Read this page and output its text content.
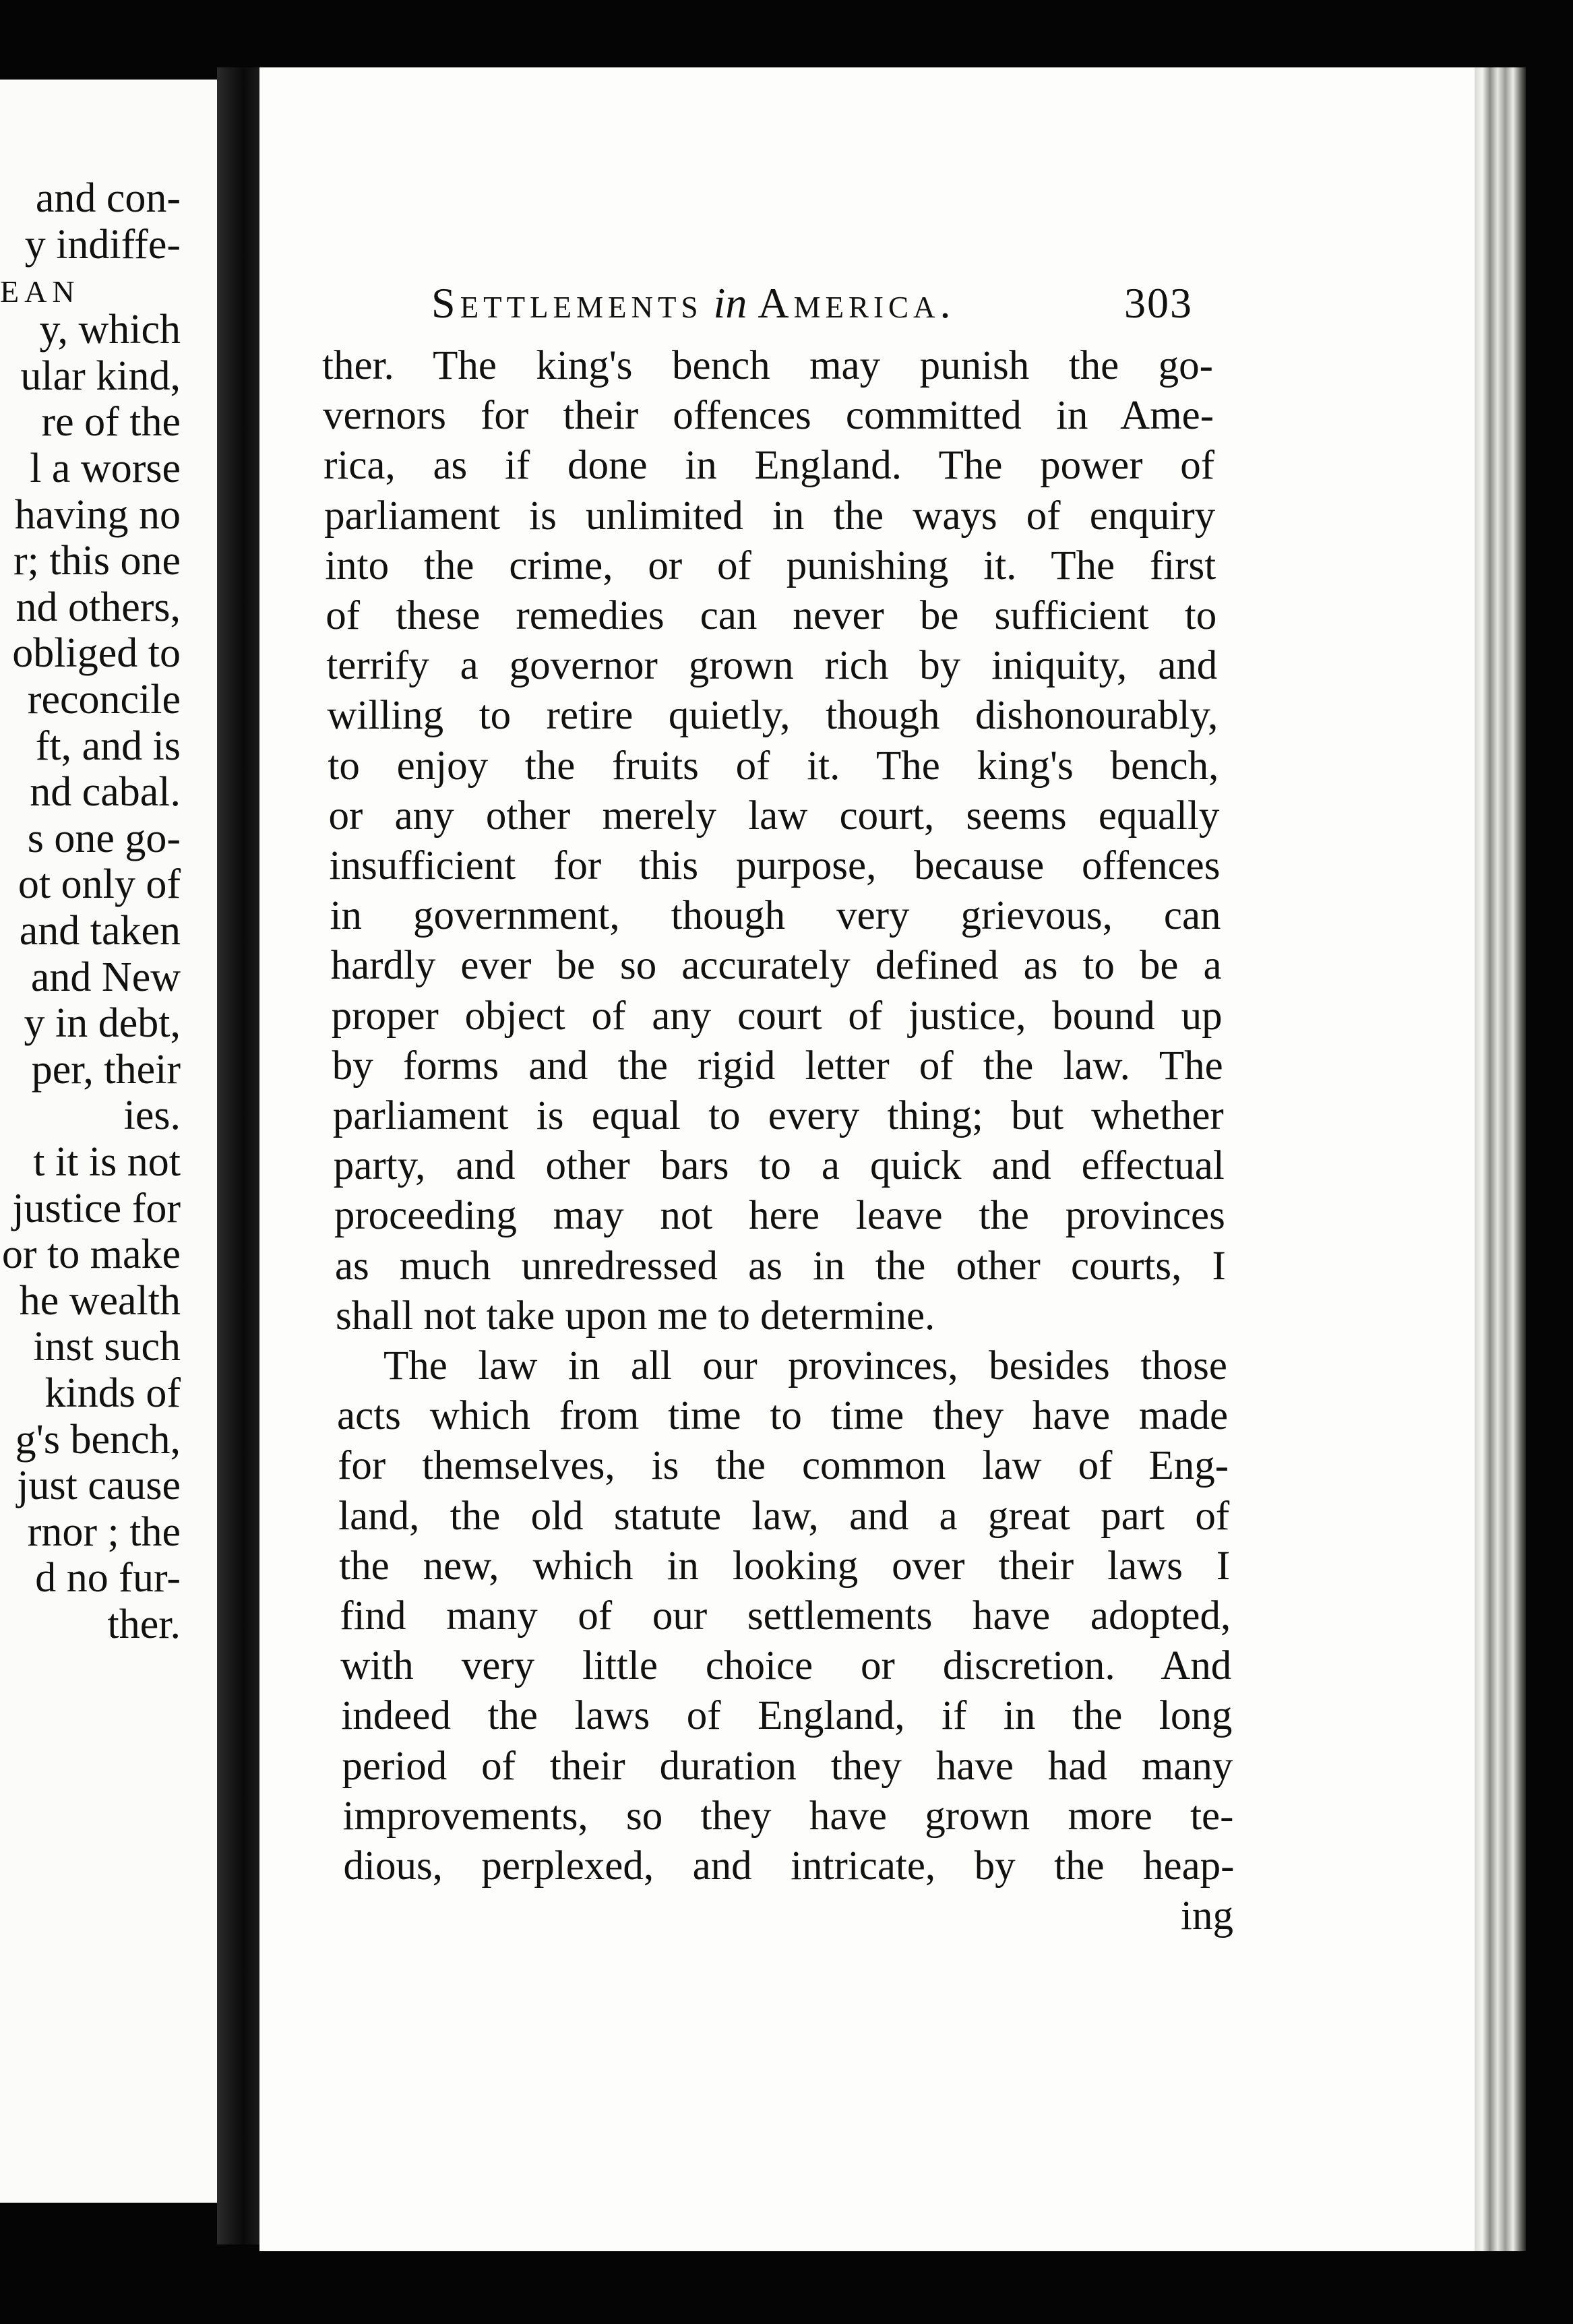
EAN
and con-
y indiffe-
y, which
ular kind,
re of the
l a worse
having no
r; this one
nd others,
obliged to
reconcile
ft, and is
nd cabal.
s one go-
ot only of
and taken
and New
y in debt,
per, their
ies.
t it is not
justice for
or to make
he wealth
inst such
kinds of
g's bench,
just cause
rnor ; the
d no fur-
ther.
Settlements in America.	303
ther. The king's bench may punish the go-
vernors for their offences committed in Ame-
rica, as if done in England. The power of
parliament is unlimited in the ways of enquiry
into the crime, or of punishing it. The first
of these remedies can never be sufficient to
terrify a governor grown rich by iniquity, and
willing to retire quietly, though dishonourably,
to enjoy the fruits of it. The king's bench,
or any other merely law court, seems equally
insufficient for this purpose, because offences
in government, though very grievous, can
hardly ever be so accurately defined as to be a
proper object of any court of justice, bound up
by forms and the rigid letter of the law. The
parliament is equal to every thing; but whether
party, and other bars to a quick and effectual
proceeding may not here leave the provinces
as much unredressed as in the other courts, I
shall not take upon me to determine.
The law in all our provinces, besides those
acts which from time to time they have made
for themselves, is the common law of Eng-
land, the old statute law, and a great part of
the new, which in looking over their laws I
find many of our settlements have adopted,
with very little choice or discretion. And
indeed the laws of England, if in the long
period of their duration they have had many
improvements, so they have grown more te-
dious, perplexed, and intricate, by the heap-
ing
